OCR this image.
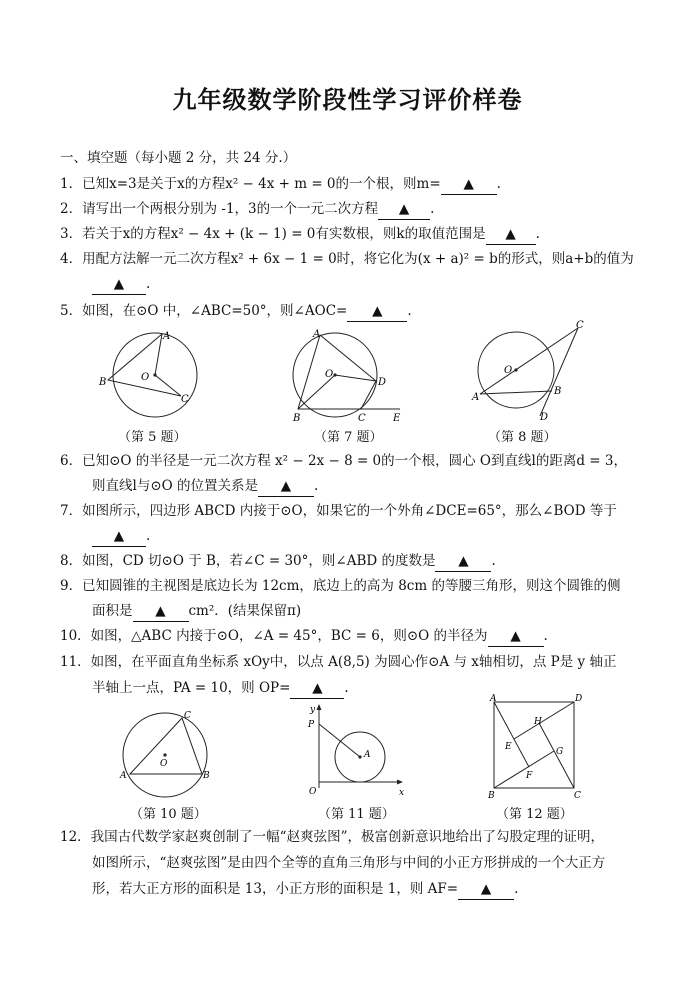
九年级数学阶段性学习评价样卷
一、填空题（每小题 2 分，共 24 分.）
1．已知x=3是关于x的方程x² − 4x + m = 0的一个根，则m= ▲ .
2．请写出一个两根分别为 -1，3的一个一元二次方程 ▲ .
3．若关于x的方程x² − 4x + (k − 1) = 0有实数根，则k的取值范围是 ▲ .
4．用配方法解一元二次方程x² + 6x − 1 = 0时，将它化为(x + a)² = b的形式，则a+b的值为
▲ .
5．如图，在⊙O 中，∠ABC=50°，则∠AOC= ▲ .
A
B
C
O
A
B	C
D
E
O
C
A
B
D
O
（第 5 题）	（第 7 题）	（第 8 题）
6．已知⊙O 的半径是一元二次方程 x² − 2x − 8 = 0的一个根，圆心 O到直线l的距离d = 3，
则直线l与⊙O 的位置关系是 ▲ .
7．如图所示，四边形 ABCD 内接于⊙O，如果它的一个外角∠DCE=65°，那么∠BOD 等于
▲ .
8．如图，CD 切⊙O 于 B，若∠C = 30°，则∠ABD 的度数是 ▲ .
9．已知圆锥的主视图是底边长为 12cm，底边上的高为 8cm 的等腰三角形，则这个圆锥的侧
面积是 ▲ cm²．(结果保留π)
10．如图，△ABC 内接于⊙O，∠A = 45°，BC = 6，则⊙O 的半径为 ▲ .
11．如图，在平面直角坐标系 xOy中，以点 A(8,5) 为圆心作⊙A 与 x轴相切，点 P是 y 轴正
半轴上一点，PA = 10，则 OP= ▲ .
A	B
C
O
y
P
A
O	x
A	D
B	C
H
E	G
F
（第 10 题）	（第 11 题）	（第 12 题）
12．我国古代数学家赵爽创制了一幅“赵爽弦图”，极富创新意识地给出了勾股定理的证明，
如图所示，“赵爽弦图”是由四个全等的直角三角形与中间的小正方形拼成的一个大正方
形，若大正方形的面积是 13，小正方形的面积是 1，则 AF= ▲ .
